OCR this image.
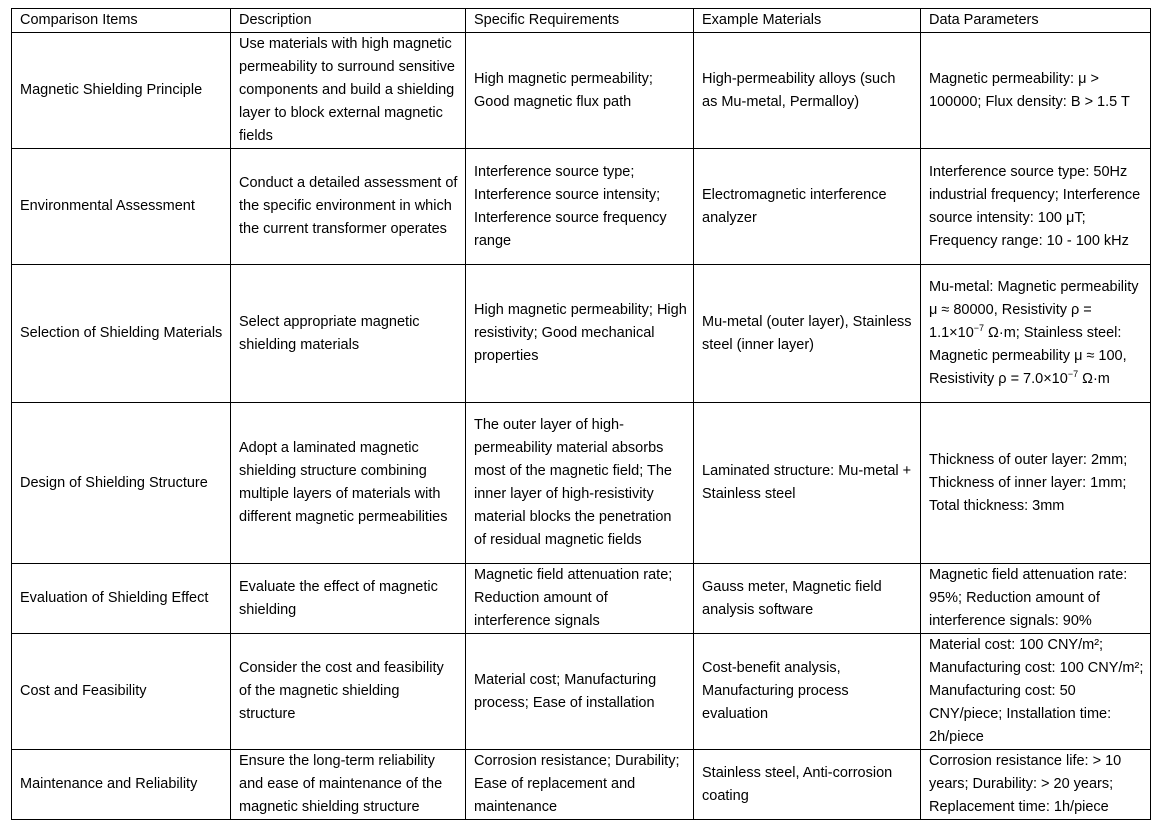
Comparison Items	Description	Specific Requirements	Example Materials	Data Parameters
Magnetic Shielding Principle	Use materials with high magnetic permeability to surround sensitive components and build a shielding layer to block external magnetic fields	High magnetic permeability; Good magnetic flux path	High-permeability alloys (such as Mu-metal, Permalloy)	Magnetic permeability: μ > 100000; Flux density: B > 1.5 T
Environmental Assessment	Conduct a detailed assessment of the specific environment in which the current transformer operates	Interference source type; Interference source intensity; Interference source frequency range	Electromagnetic interference analyzer	Interference source type: 50Hz industrial frequency; Interference source intensity: 100 μT; Frequency range: 10 - 100 kHz
Selection of Shielding Materials	Select appropriate magnetic shielding materials	High magnetic permeability; High resistivity; Good mechanical properties	Mu-metal (outer layer), Stainless steel (inner layer)	Mu-metal: Magnetic permeability μ ≈ 80000, Resistivity $\rho = 1.1\times 10^{-7}$ Ω·m; Stainless steel: Magnetic permeability μ ≈ 100, Resistivity $\rho = 7.0\times 10^{-7}$ Ω·m
Design of Shielding Structure	Adopt a laminated magnetic shielding structure combining multiple layers of materials with different magnetic permeabilities	The outer layer of high-permeability material absorbs most of the magnetic field; The inner layer of high-resistivity material blocks the penetration of residual magnetic fields	Laminated structure: Mu-metal + Stainless steel	Thickness of outer layer: 2mm; Thickness of inner layer: 1mm; Total thickness: 3mm
Evaluation of Shielding Effect	Evaluate the effect of magnetic shielding	Magnetic field attenuation rate; Reduction amount of interference signals	Gauss meter, Magnetic field analysis software	Magnetic field attenuation rate: 95%; Reduction amount of interference signals: 90%
Cost and Feasibility	Consider the cost and feasibility of the magnetic shielding structure	Material cost; Manufacturing process; Ease of installation	Cost-benefit analysis, Manufacturing process evaluation	Material cost: 100 CNY/m²; Manufacturing cost: 100 CNY/m²; Manufacturing cost: 50 CNY/piece; Installation time: 2h/piece
Maintenance and Reliability	Ensure the long-term reliability and ease of maintenance of the magnetic shielding structure	Corrosion resistance; Durability; Ease of replacement and maintenance	Stainless steel, Anti-corrosion coating	Corrosion resistance life: > 10 years; Durability: > 20 years; Replacement time: 1h/piece
